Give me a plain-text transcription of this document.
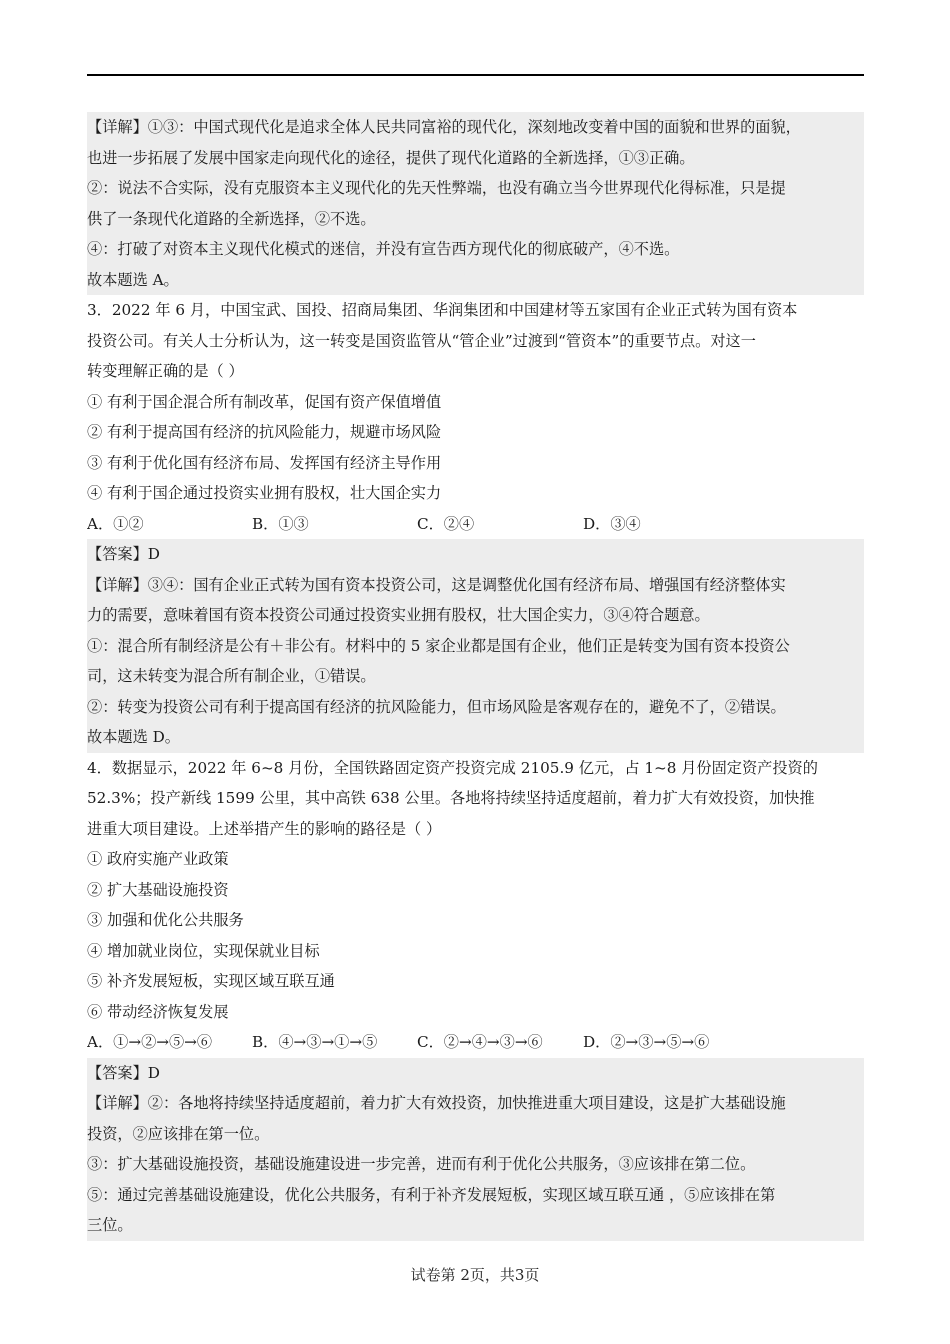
【详解】①③：中国式现代化是追求全体人民共同富裕的现代化，深刻地改变着中国的面貌和世界的面貌，
也进一步拓展了发展中国家走向现代化的途径，提供了现代化道路的全新选择，①③正确。
②：说法不合实际，没有克服资本主义现代化的先天性弊端，也没有确立当今世界现代化得标准，只是提
供了一条现代化道路的全新选择，②不选。
④：打破了对资本主义现代化模式的迷信，并没有宣告西方现代化的彻底破产，④不选。
故本题选 A。
3．2022 年 6 月，中国宝武、国投、招商局集团、华润集团和中国建材等五家国有企业正式转为国有资本
投资公司。有关人士分析认为，这一转变是国资监管从“管企业”过渡到“管资本”的重要节点。对这一
转变理解正确的是（ ）
① 有利于国企混合所有制改革，促国有资产保值增值
② 有利于提高国有经济的抗风险能力，规避市场风险
③ 有利于优化国有经济布局、发挥国有经济主导作用
④ 有利于国企通过投资实业拥有股权，壮大国企实力
A．①②	B．①③	C．②④	D．③④
【答案】D
【详解】③④：国有企业正式转为国有资本投资公司，这是调整优化国有经济布局、增强国有经济整体实
力的需要，意味着国有资本投资公司通过投资实业拥有股权，壮大国企实力，③④符合题意。
①：混合所有制经济是公有＋非公有。材料中的 5 家企业都是国有企业，他们正是转变为国有资本投资公
司，这未转变为混合所有制企业，①错误。
②：转变为投资公司有利于提高国有经济的抗风险能力，但市场风险是客观存在的，避免不了，②错误。
故本题选 D。
4．数据显示，2022 年 6~8 月份，全国铁路固定资产投资完成 2105.9 亿元，占 1~8 月份固定资产投资的
52.3%；投产新线 1599 公里，其中高铁 638 公里。各地将持续坚持适度超前，着力扩大有效投资，加快推
进重大项目建设。上述举措产生的影响的路径是（ ）
① 政府实施产业政策
② 扩大基础设施投资
③ 加强和优化公共服务
④ 增加就业岗位，实现保就业目标
⑤ 补齐发展短板，实现区域互联互通
⑥ 带动经济恢复发展
A．①→②→⑤→⑥	B．④→③→①→⑤	C．②→④→③→⑥	D．②→③→⑤→⑥
【答案】D
【详解】②：各地将持续坚持适度超前，着力扩大有效投资，加快推进重大项目建设，这是扩大基础设施
投资，②应该排在第一位。
③：扩大基础设施投资，基础设施建设进一步完善，进而有利于优化公共服务，③应该排在第二位。
⑤：通过完善基础设施建设，优化公共服务，有利于补齐发展短板，实现区域互联互通 ，⑤应该排在第
三位。
试卷第 2页，共3页
